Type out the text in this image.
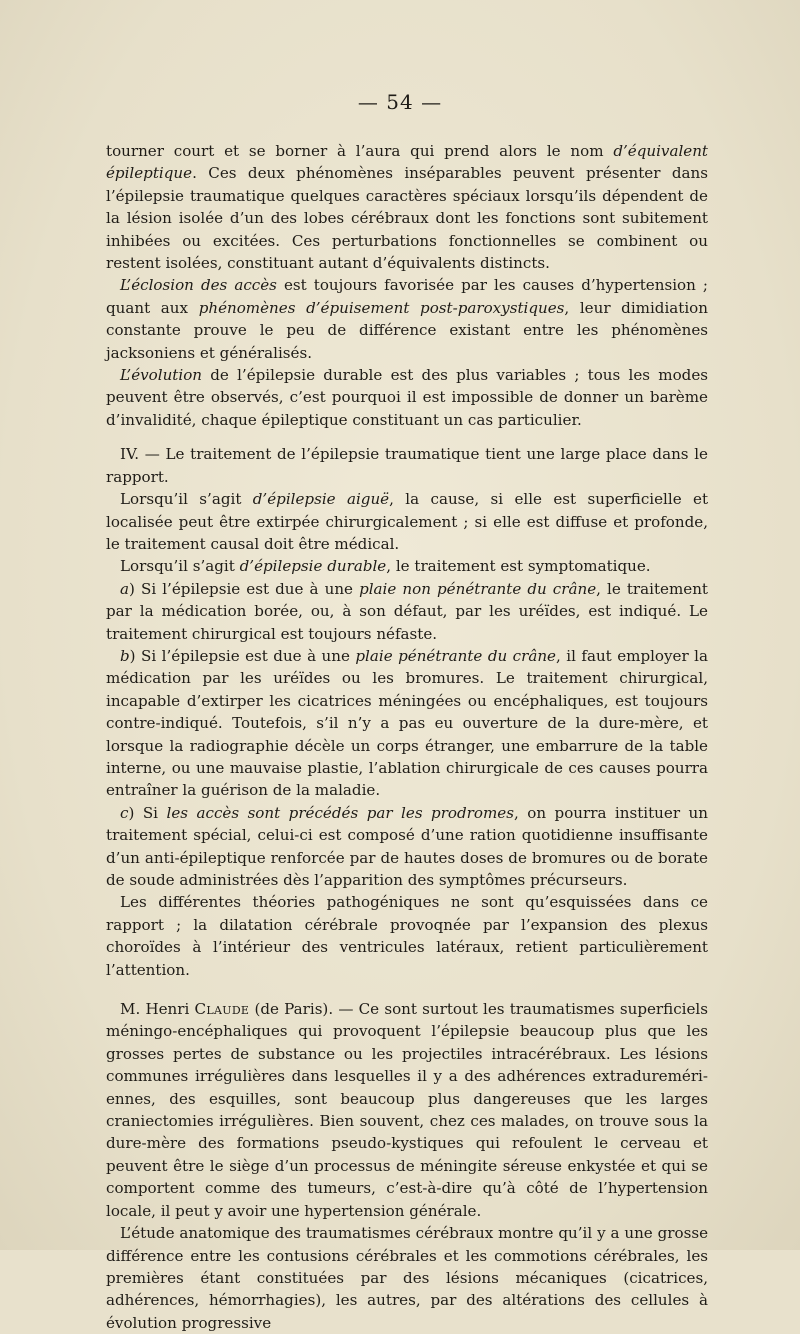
— 54 —

tourner court et se borner à l’aura qui prend alors le nom d’équivalent épileptique. Ces deux phénomènes inséparables peuvent présenter dans l’épilepsie traumatique quelques caractères spéciaux lorsqu’ils dépendent de la lésion isolée d’un des lobes cérébraux dont les fonctions sont subitement inhibées ou excitées. Ces perturbations fonctionnelles se combinent ou restent isolées, constituant autant d’équivalents distincts.

L’éclosion des accès est toujours favorisée par les causes d’hypertension ; quant aux phénomènes d’épuisement post-paroxystiques, leur dimidiation constante prouve le peu de différence existant entre les phénomènes jacksoniens et généralisés.

L’évolution de l’épilepsie durable est des plus variables ; tous les modes peuvent être observés, c’est pourquoi il est impossible de donner un barème d’invalidité, chaque épileptique constituant un cas particulier.

IV. — Le traitement de l’épilepsie traumatique tient une large place dans le rapport.

Lorsqu’il s’agit d’épilepsie aiguë, la cause, si elle est superficielle et localisée peut être extirpée chirurgicalement ; si elle est diffuse et profonde, le traitement causal doit être médical.

Lorsqu’il s’agit d’épilepsie durable, le traitement est symptomatique.

a) Si l’épilepsie est due à une plaie non pénétrante du crâne, le traitement par la médication borée, ou, à son défaut, par les uréïdes, est indiqué. Le traitement chirurgical est toujours néfaste.

b) Si l’épilepsie est due à une plaie pénétrante du crâne, il faut employer la médication par les uréïdes ou les bromures. Le traitement chirurgical, incapable d’extirper les cicatrices méningées ou encéphaliques, est toujours contre-indiqué. Toutefois, s’il n’y a pas eu ouverture de la dure-mère, et lorsque la radiographie décèle un corps étranger, une embarrure de la table interne, ou une mauvaise plastie, l’ablation chirurgicale de ces causes pourra entraîner la guérison de la maladie.

c) Si les accès sont précédés par les prodromes, on pourra instituer un traitement spécial, celui-ci est composé d’une ration quotidienne insuffisante d’un anti-épileptique renforcée par de hautes doses de bromures ou de borate de soude administrées dès l’apparition des symptômes précurseurs.

Les différentes théories pathogéniques ne sont qu’esquissées dans ce rapport ; la dilatation cérébrale provoqnée par l’expansion des plexus choroïdes à l’intérieur des ventricules latéraux, retient particulièrement l’attention.

M. Henri Claude (de Paris). — Ce sont surtout les traumatismes superficiels méningo-encéphaliques qui provoquent l’épilepsie beaucoup plus que les grosses pertes de substance ou les projectiles intracérébraux. Les lésions communes irrégulières dans lesquelles il y a des adhérences extraduremériennes, des esquilles, sont beaucoup plus dangereuses que les larges craniectomies irrégulières. Bien souvent, chez ces malades, on trouve sous la dure-mère des formations pseudo-kystiques qui refoulent le cerveau et peuvent être le siège d’un processus de méningite séreuse enkystée et qui se comportent comme des tumeurs, c’est-à-dire qu’à côté de l’hypertension locale, il peut y avoir une hypertension générale.

L’étude anatomique des traumatismes cérébraux montre qu’il y a une grosse différence entre les contusions cérébrales et les commotions cérébrales, les premières étant constituées par des lésions mécaniques (cicatrices, adhérences, hémorrhagies), les autres, par des altérations des cellules à évolution progressive
